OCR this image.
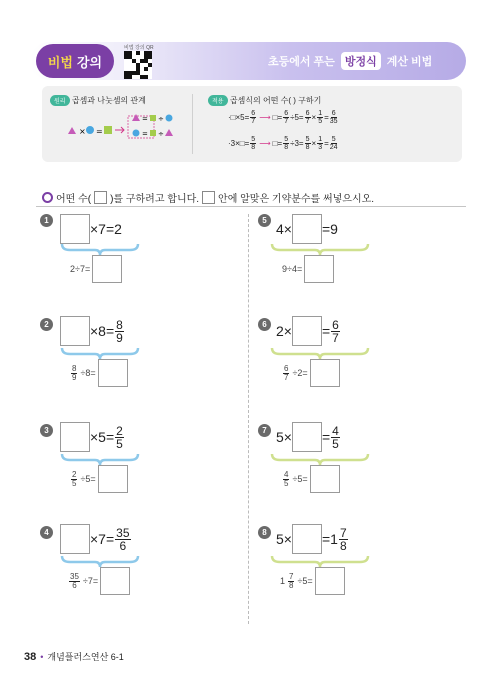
비법 강의
비법 강의 QR
초등에서 푸는 방정식 계산 비법
원리 곱셈과 나눗셈의 관계
× =
= ÷
= ÷
적용 곱셈식의 어떤 수( ) 구하기
·□×5= $\frac{6}{7}$ ⟶ □= $\frac{6}{7} \div 5= \frac{6}{7} \times \frac{1}{5} = \frac{6}{35}$
·3×□= $\frac{5}{8}$ ⟶ □= $\frac{5}{8} \div 3= \frac{5}{8} \times \frac{1}{3} = \frac{5}{24}$
어떤 수( )를 구하려고 합니다. 안에 알맞은 기약분수를 써넣으시오.
1
×7=2
2÷7=
2	$\times 8= \frac{8}{9}$
$\frac{8}{9} \div 8=$
3	$\times 5= \frac{2}{5}$
$\frac{2}{5} \div 5=$
4	$\times 7= \frac{35}{6}$
$\frac{35}{6} \div 7=$
5
4× =9
9÷4=
6 $2\times = \frac{6}{7}$
$\frac{6}{7} \div 2=$
7 $5\times = \frac{4}{5}$
$\frac{4}{5} \div 5=$
8 5× =1 7
8
$1 \frac{7}{8} \div 5=$
38 • 개념플러스연산 6-1
